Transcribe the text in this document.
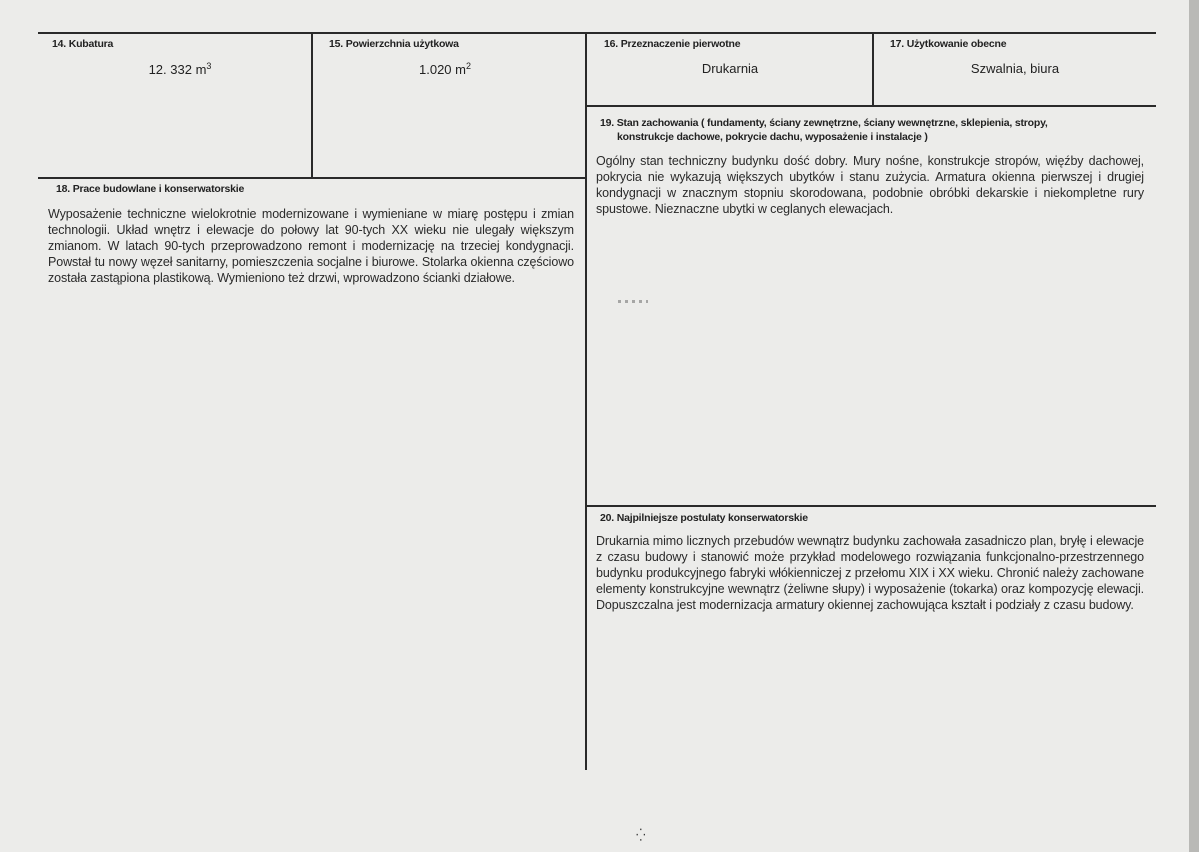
14. Kubatura
12. 332 $m^3$
15. Powierzchnia użytkowa
1.020 $m^2$
16. Przeznaczenie pierwotne
Drukarnia
17. Użytkowanie obecne
Szwalnia, biura
18. Prace budowlane i konserwatorskie
Wyposażenie techniczne wielokrotnie modernizowane i wymieniane w miarę postępu i zmian technologii. Układ wnętrz i elewacje do połowy lat 90-tych XX wieku nie ulegały większym zmianom. W latach 90-tych przeprowadzono remont i modernizację na trzeciej kondygnacji. Powstał tu nowy węzeł sanitarny, pomieszczenia socjalne i biurowe. Stolarka okienna częściowo została zastąpiona plastikową. Wymieniono też drzwi, wprowadzono ścianki działowe.
19. Stan zachowania ( fundamenty, ściany zewnętrzne, ściany wewnętrzne, sklepienia, stropy,
konstrukcje dachowe, pokrycie dachu, wyposażenie i instalacje )
Ogólny stan techniczny budynku dość dobry. Mury nośne, konstrukcje stropów, więźby dachowej, pokrycia nie wykazują większych ubytków i stanu zużycia. Armatura okienna pierwszej i drugiej kondygnacji w znacznym stopniu skorodowana, podobnie obróbki dekarskie i niekompletne rury spustowe. Nieznaczne ubytki w ceglanych elewacjach.
20. Najpilniejsze postulaty konserwatorskie
Drukarnia mimo licznych przebudów wewnątrz budynku zachowała zasadniczo plan, bryłę i elewacje z czasu budowy i stanowić może przykład modelowego rozwiązania funkcjonalno-przestrzennego budynku produkcyjnego fabryki włókienniczej z przełomu XIX i XX wieku. Chronić należy zachowane elementy konstrukcyjne wewnątrz (żeliwne słupy) i wyposażenie (tokarka) oraz kompozycję elewacji. Dopuszczalna jest modernizacja armatury okiennej zachowująca kształt i podziały z czasu budowy.
⁛
